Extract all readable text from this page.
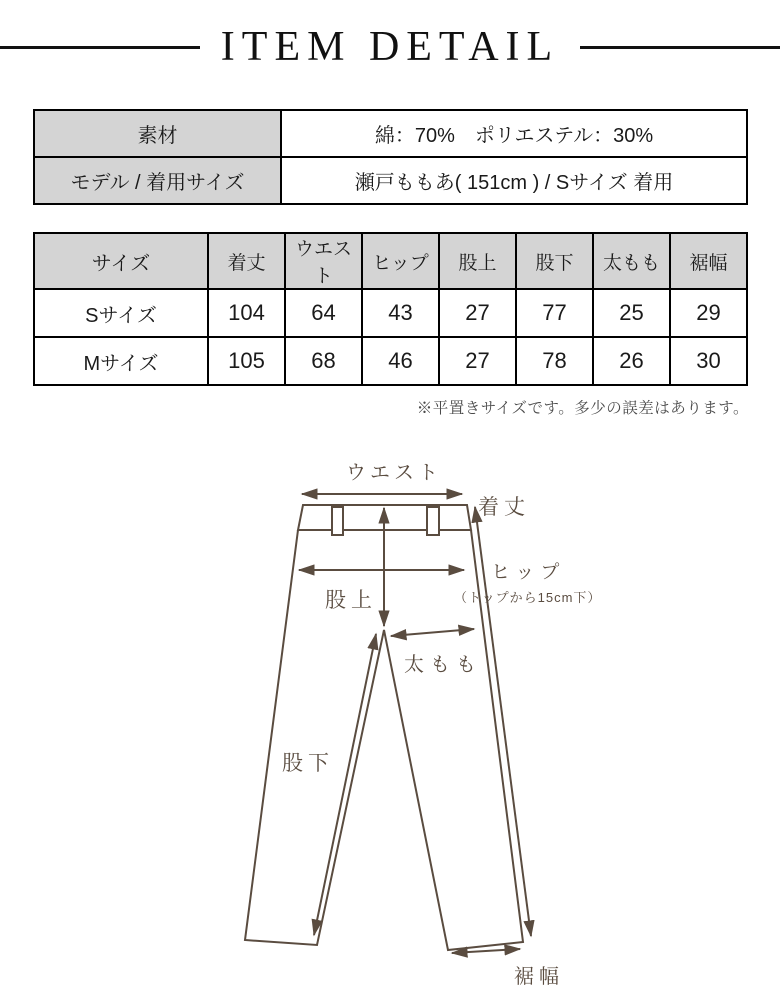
ITEM DETAIL
素材	綿：70%　ポリエステル：30%
モデル / 着用サイズ	瀬戸ももあ( 151cm ) / Sサイズ 着用
サイズ	着丈	ウエスト	ヒップ	股上	股下	太もも	裾幅
Sサイズ	104	64	43	27	77	25	29
Mサイズ	105	68	46	27	78	26	30
※平置きサイズです。多少の誤差はあります。
ウエスト
着丈
ヒップ
（トップから15cm下）
股上
太もも
股下
裾幅
